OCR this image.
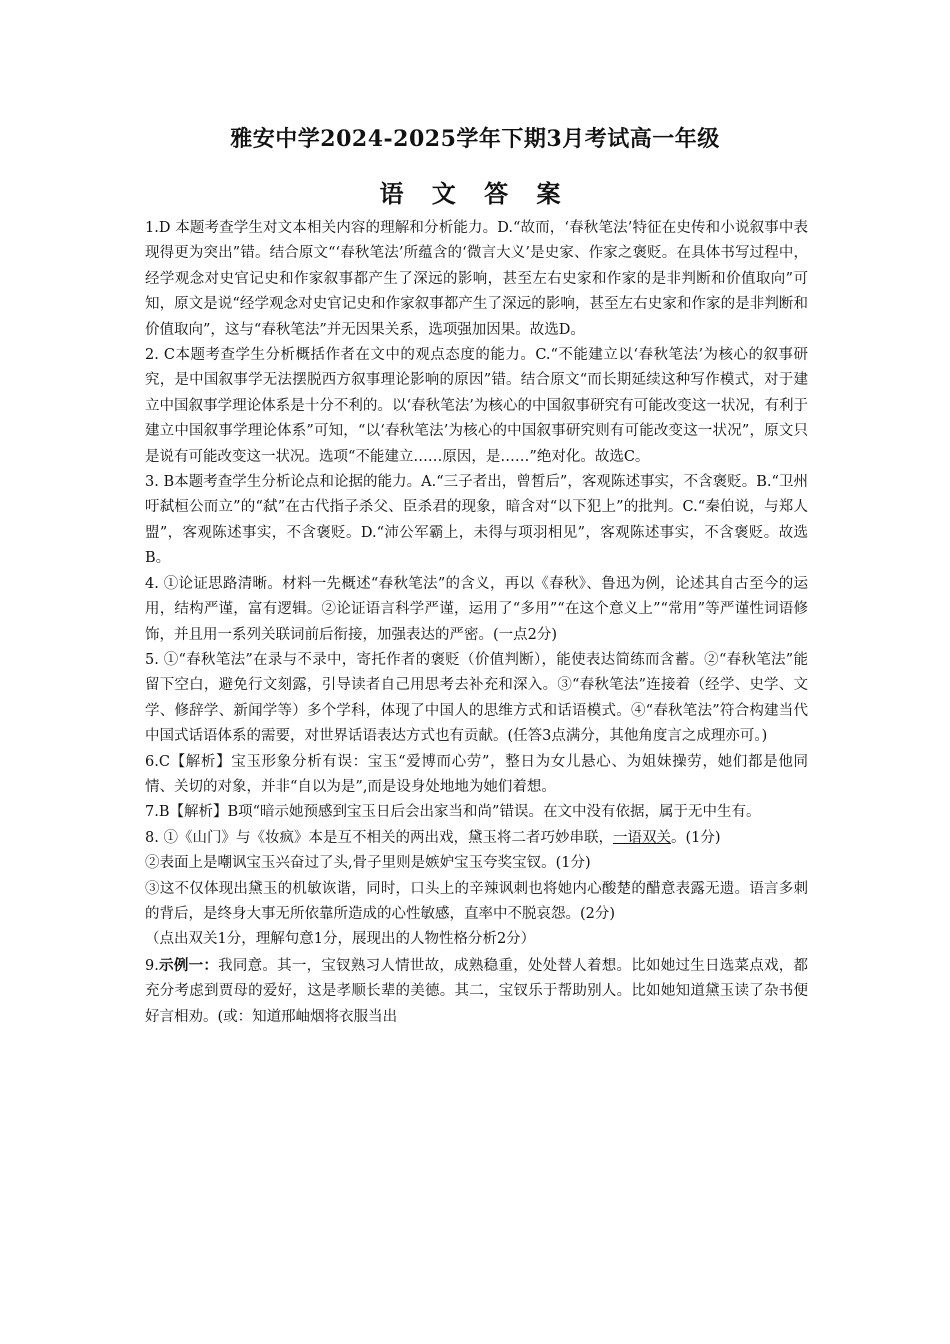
雅安中学2024-2025学年下期3月考试高一年级
语 文 答 案

1.D 本题考查学生对文本相关内容的理解和分析能力。D.“故而，‘春秋笔法’特征在史传和小说叙事中表现得更为突出”错。结合原文“‘春秋笔法’所蕴含的‘微言大义’是史家、作家之褒贬。在具体书写过程中，经学观念对史官记史和作家叙事都产生了深远的影响，甚至左右史家和作家的是非判断和价值取向”可知，原文是说“经学观念对史官记史和作家叙事都产生了深远的影响，甚至左右史家和作家的是非判断和价值取向”，这与“春秋笔法”并无因果关系，选项强加因果。故选D。

2. C本题考查学生分析概括作者在文中的观点态度的能力。C.“不能建立以‘春秋笔法’为核心的叙事研究，是中国叙事学无法摆脱西方叙事理论影响的原因”错。结合原文“而长期延续这种写作模式，对于建立中国叙事学理论体系是十分不利的。以‘春秋笔法’为核心的中国叙事研究有可能改变这一状况，有利于建立中国叙事学理论体系”可知，“以‘春秋笔法’为核心的中国叙事研究则有可能改变这一状况”，原文只是说有可能改变这一状况。选项“不能建立……原因，是……”绝对化。故选C。

3. B本题考查学生分析论点和论据的能力。A.“三子者出，曾皙后”，客观陈述事实，不含褒贬。B.“卫州吁弑桓公而立”的“弑”在古代指子杀父、臣杀君的现象，暗含对“以下犯上”的批判。C.“秦伯说，与郑人盟”，客观陈述事实，不含褒贬。D.“沛公军霸上，未得与项羽相见”，客观陈述事实，不含褒贬。故选B。

4. ①论证思路清晰。材料一先概述“春秋笔法”的含义，再以《春秋》、鲁迅为例，论述其自古至今的运用，结构严谨，富有逻辑。②论证语言科学严谨，运用了“多用”“在这个意义上”“常用”等严谨性词语修饰，并且用一系列关联词前后衔接，加强表达的严密。(一点2分)

5. ①“春秋笔法”在录与不录中，寄托作者的褒贬（价值判断），能使表达简练而含蓄。②“春秋笔法”能留下空白，避免行文刻露，引导读者自己用思考去补充和深入。③“春秋笔法”连接着（经学、史学、文学、修辞学、新闻学等）多个学科，体现了中国人的思维方式和话语模式。④“春秋笔法”符合构建当代中国式话语体系的需要，对世界话语表达方式也有贡献。(任答3点满分，其他角度言之成理亦可。)

6.C【解析】宝玉形象分析有误：宝玉“爱博而心劳”，整日为女儿悬心、为姐妹操劳，她们都是他同情、关切的对象，并非“自以为是”,而是设身处地地为她们着想。

7.B【解析】B项“暗示她预感到宝玉日后会出家当和尚”错误。在文中没有依据，属于无中生有。

8. ①《山门》与《妆疯》本是互不相关的两出戏，黛玉将二者巧妙串联，一语双关。(1分)

②表面上是嘲讽宝玉兴奋过了头,骨子里则是嫉妒宝玉夸奖宝钗。(1分)

③这不仅体现出黛玉的机敏诙谐，同时，口头上的辛辣讽刺也将她内心酸楚的醋意表露无遗。语言多刺的背后，是终身大事无所依靠所造成的心性敏感，直率中不脱哀怨。(2分)

（点出双关1分，理解句意1分，展现出的人物性格分析2分）

9.示例一：我同意。其一，宝钗熟习人情世故，成熟稳重，处处替人着想。比如她过生日选菜点戏，都充分考虑到贾母的爱好，这是孝顺长辈的美德。其二，宝钗乐于帮助别人。比如她知道黛玉读了杂书便好言相劝。(或：知道邢岫烟将衣服当出
